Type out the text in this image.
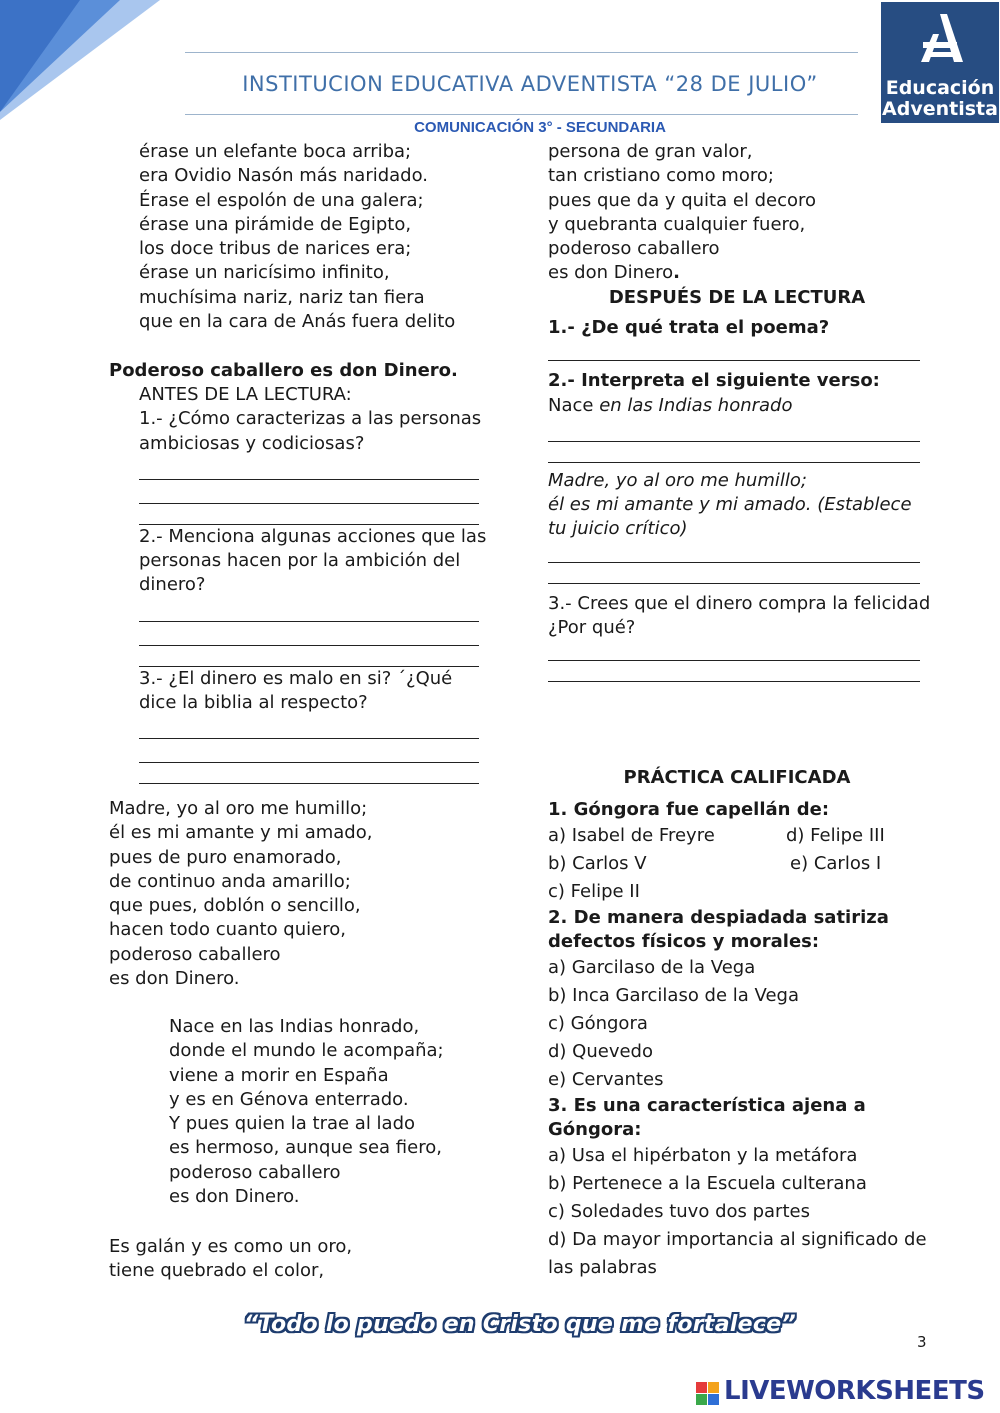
INSTITUCION EDUCATIVA ADVENTISTA “28 DE JULIO”
COMUNICACIÓN 3° - SECUNDARIA
Educación
Adventista

érase un elefante boca arriba;

era Ovidio Nasón más naridado.

Érase el espolón de una galera;

érase una pirámide de Egipto,

los doce tribus de narices era;

érase un naricísimo infinito,

muchísima nariz, nariz tan fiera

que en la cara de Anás fuera delito

Poderoso caballero es don Dinero.

ANTES DE LA LECTURA:

1.- ¿Cómo caracterizas a las personas

ambiciosas y codiciosas?

2.- Menciona algunas acciones que las

personas hacen por la ambición del

dinero?

3.- ¿El dinero es malo en si? ´¿Qué

dice la biblia al respecto?

Madre, yo al oro me humillo;

él es mi amante y mi amado,

pues de puro enamorado,

de continuo anda amarillo;

que pues, doblón o sencillo,

hacen todo cuanto quiero,

poderoso caballero

es don Dinero.

Nace en las Indias honrado,

donde el mundo le acompaña;

viene a morir en España

y es en Génova enterrado.

Y pues quien la trae al lado

es hermoso, aunque sea fiero,

poderoso caballero

es don Dinero.

Es galán y es como un oro,

tiene quebrado el color,

persona de gran valor,

tan cristiano como moro;

pues que da y quita el decoro

y quebranta cualquier fuero,

poderoso caballero

es don Dinero.

DESPUÉS DE LA LECTURA

1.- ¿De qué trata el poema?

2.- Interpreta el siguiente verso:

Nace en las Indias honrado

Madre, yo al oro me humillo;

él es mi amante y mi amado. (Establece

tu juicio crítico)

3.- Crees que el dinero compra la felicidad

¿Por qué?

PRÁCTICA CALIFICADA

1. Góngora fue capellán de:

a) Isabel de Freyre	d) Felipe III

b) Carlos V	e) Carlos I

c) Felipe II

2. De manera despiadada satiriza

defectos físicos y morales:

a) Garcilaso de la Vega

b) Inca Garcilaso de la Vega

c) Góngora

d) Quevedo

e) Cervantes

3. Es una característica ajena a

Góngora:

a) Usa el hipérbaton y la metáfora

b) Pertenece a la Escuela culterana

c) Soledades tuvo dos partes

d) Da mayor importancia al significado de

las palabras

“Todo lo puedo en Cristo que me fortalece”
3
LIVEWORKSHEETS
